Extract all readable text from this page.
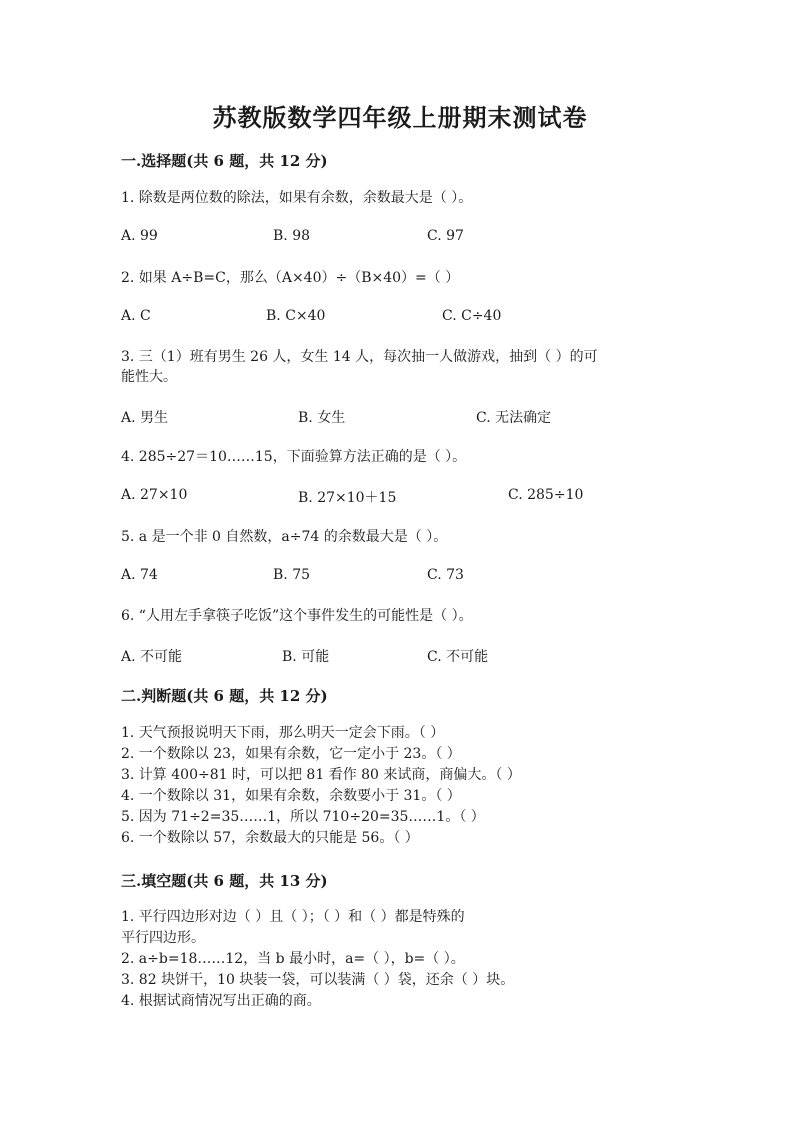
苏教版数学四年级上册期末测试卷
一.选择题(共 6 题，共 12 分)
1. 除数是两位数的除法，如果有余数，余数最大是（ ）。
A. 99	B. 98	C. 97
2. 如果 A÷B=C，那么（A×40）÷（B×40）=（ ）
A. C	B. C×40	C. C÷40
3. 三（1）班有男生 26 人，女生 14 人，每次抽一人做游戏，抽到（ ）的可
能性大。
A. 男生	B. 女生	C. 无法确定
4. 285÷27＝10……15，下面验算方法正确的是（ ）。
A. 27×10	B. 27×10＋15	C. 285÷10
5. a 是一个非 0 自然数，a÷74 的余数最大是（ ）。
A. 74	B. 75	C. 73
6. “人用左手拿筷子吃饭”这个事件发生的可能性是（ ）。
A. 不可能	B. 可能	C. 不可能
二.判断题(共 6 题，共 12 分)
1. 天气预报说明天下雨，那么明天一定会下雨。（ ）
2. 一个数除以 23，如果有余数，它一定小于 23。（ ）
3. 计算 400÷81 时，可以把 81 看作 80 来试商，商偏大。（ ）
4. 一个数除以 31，如果有余数，余数要小于 31。（ ）
5. 因为 71÷2=35……1，所以 710÷20=35……1。（ ）
6. 一个数除以 57，余数最大的只能是 56。（ ）
三.填空题(共 6 题，共 13 分)
1. 平行四边形对边（ ）且（ ）；（ ）和（ ）都是特殊的
平行四边形。
2. a÷b=18……12，当 b 最小时，a=（ ），b=（ ）。
3. 82 块饼干，10 块装一袋，可以装满（ ）袋，还余（ ）块。
4. 根据试商情况写出正确的商。
